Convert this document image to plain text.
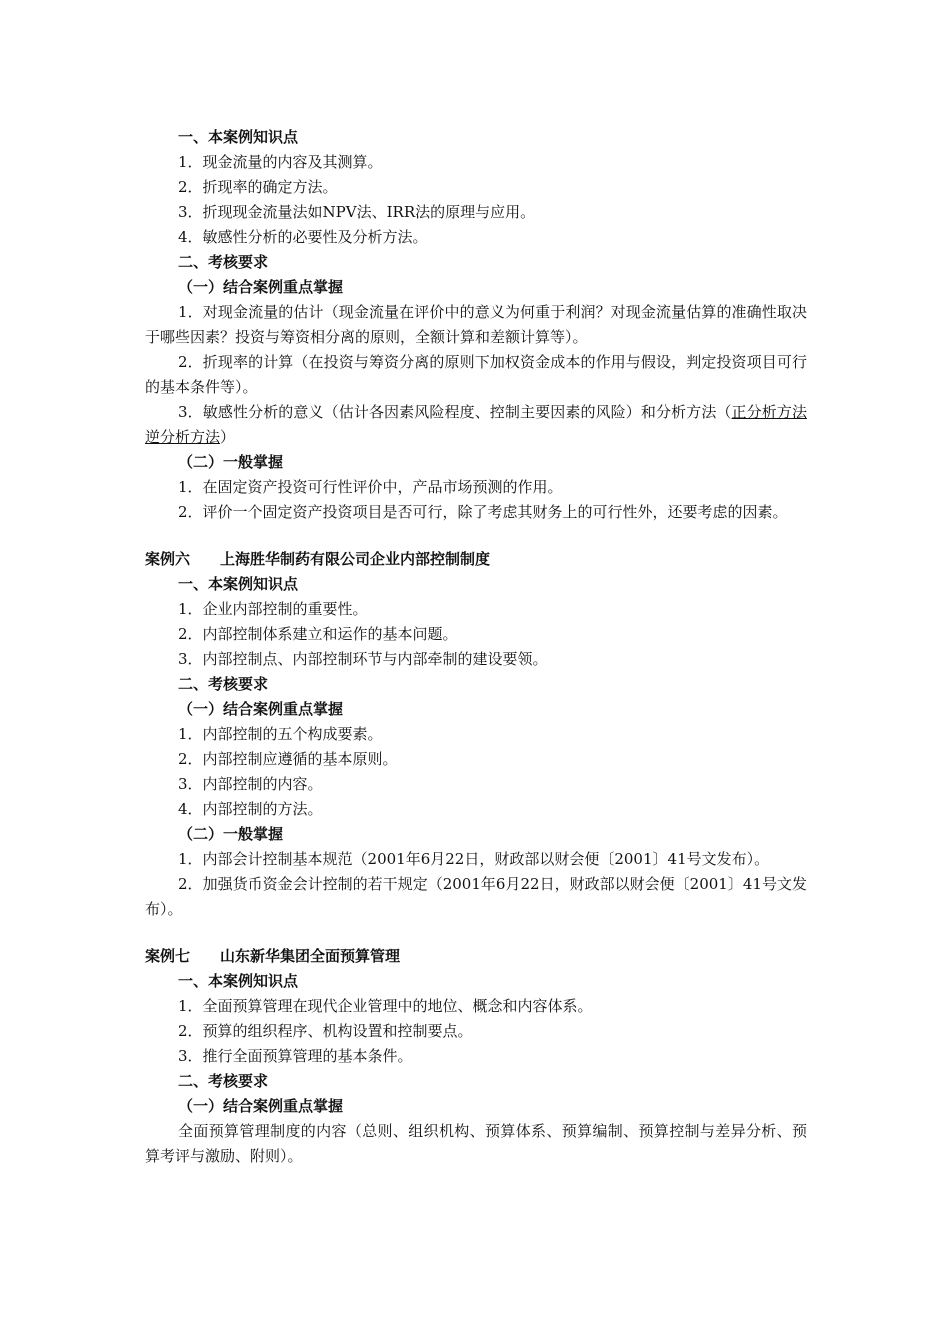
一、本案例知识点

1．现金流量的内容及其测算。

2．折现率的确定方法。

3．折现现金流量法如NPV法、IRR法的原理与应用。

4．敏感性分析的必要性及分析方法。

二、考核要求

（一）结合案例重点掌握

1．对现金流量的估计（现金流量在评价中的意义为何重于利润？对现金流量估算的准确性取决于哪些因素？投资与筹资相分离的原则，全额计算和差额计算等）。

2．折现率的计算（在投资与筹资分离的原则下加权资金成本的作用与假设，判定投资项目可行的基本条件等）。

3．敏感性分析的意义（估计各因素风险程度、控制主要因素的风险）和分析方法（正分析方法逆分析方法）

（二）一般掌握

1．在固定资产投资可行性评价中，产品市场预测的作用。

2．评价一个固定资产投资项目是否可行，除了考虑其财务上的可行性外，还要考虑的因素。

案例六　　上海胜华制药有限公司企业内部控制制度

一、本案例知识点

1．企业内部控制的重要性。

2．内部控制体系建立和运作的基本问题。

3．内部控制点、内部控制环节与内部牵制的建设要领。

二、考核要求

（一）结合案例重点掌握

1．内部控制的五个构成要素。

2．内部控制应遵循的基本原则。

3．内部控制的内容。

4．内部控制的方法。

（二）一般掌握

1．内部会计控制基本规范（2001年6月22日，财政部以财会便〔2001〕41号文发布）。

2．加强货币资金会计控制的若干规定（2001年6月22日，财政部以财会便〔2001〕41号文发布）。

案例七　　山东新华集团全面预算管理

一、本案例知识点

1．全面预算管理在现代企业管理中的地位、概念和内容体系。

2．预算的组织程序、机构设置和控制要点。

3．推行全面预算管理的基本条件。

二、考核要求

（一）结合案例重点掌握

全面预算管理制度的内容（总则、组织机构、预算体系、预算编制、预算控制与差异分析、预算考评与激励、附则）。
